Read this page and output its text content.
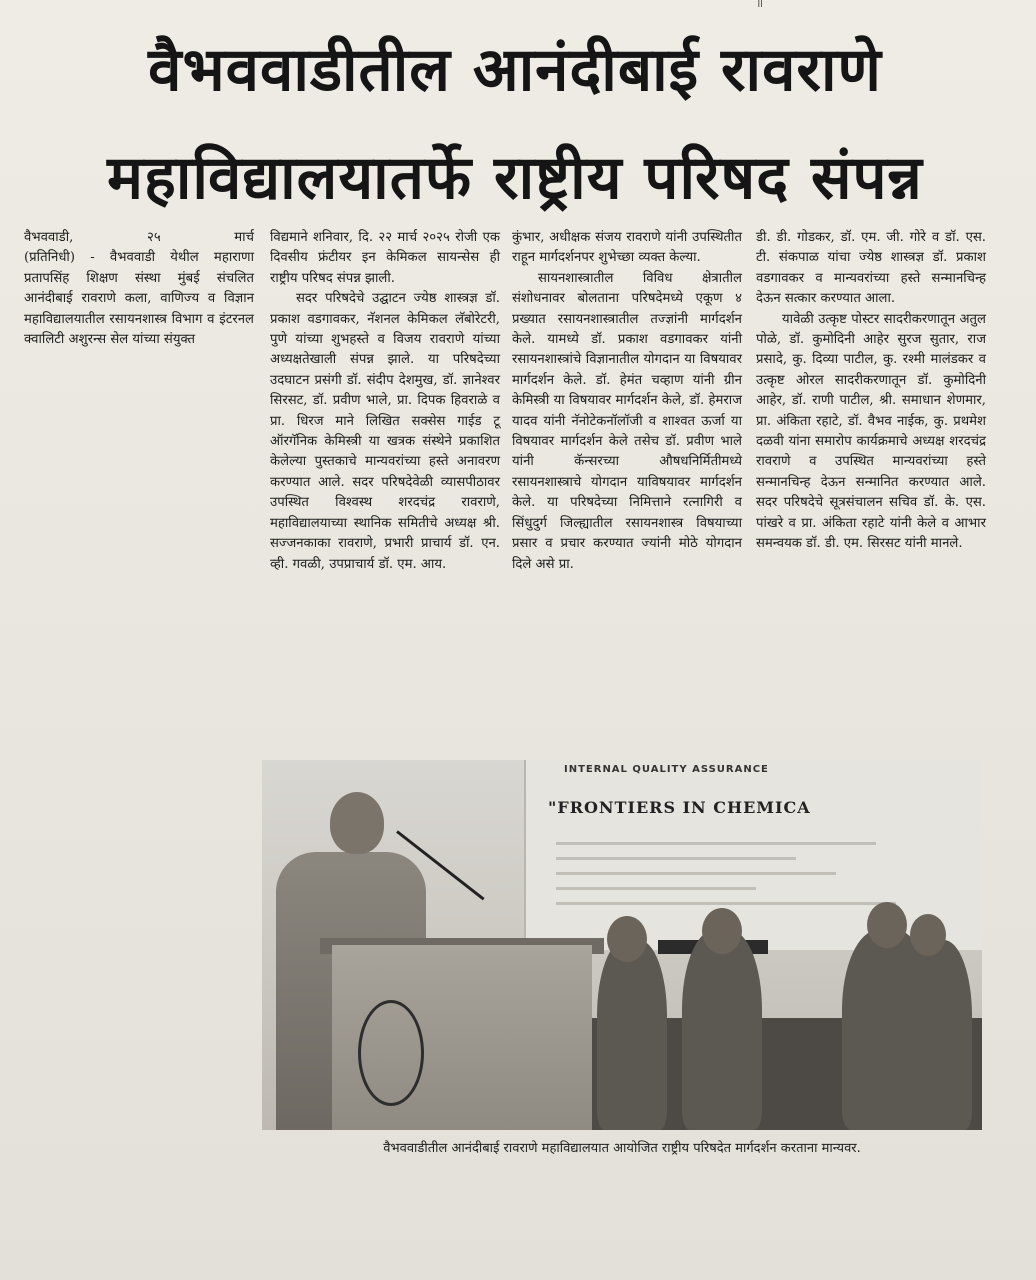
॥
वैभववाडीतील आनंदीबाई रावराणे
महाविद्यालयातर्फे राष्ट्रीय परिषद संपन्न
वैभववाडी,	२५	मार्च

(प्रतिनिधी) - वैभववाडी येथील महाराणा प्रतापसिंह शिक्षण संस्था मुंबई संचलित आनंदीबाई रावराणे कला, वाणिज्य व विज्ञान महाविद्यालयातील रसायनशास्त्र विभाग व इंटरनल क्वालिटी अशुरन्स सेल यांच्या संयुक्त

विद्यमाने शनिवार, दि. २२ मार्च २०२५ रोजी एक दिवसीय फ्रंटीयर इन केमिकल सायन्सेस ही राष्ट्रीय परिषद संपन्न झाली.

सदर परिषदेचे उद्घाटन ज्येष्ठ शास्त्रज्ञ डॉ. प्रकाश वडगावकर, नॅशनल केमिकल लॅबोरेटरी, पुणे यांच्या शुभहस्ते व विजय रावराणे यांच्या अध्यक्षतेखाली संपन्न झाले. या परिषदेच्या उदघाटन प्रसंगी डॉ. संदीप देशमुख, डॉ. ज्ञानेश्वर सिरसट, डॉ. प्रवीण भाले, प्रा. दिपक हिवराळे व प्रा. धिरज माने लिखित सक्सेस गाईड टू ऑरगॅनिक केमिस्त्री या खत्रक संस्थेने प्रकाशित केलेल्या पुस्तकाचे मान्यवरांच्या हस्ते अनावरण करण्यात आले. सदर परिषदेवेळी व्यासपीठावर उपस्थित विश्वस्थ शरदचंद्र रावराणे, महाविद्यालयाच्या स्थानिक समितीचे अध्यक्ष श्री. सज्जनकाका रावराणे, प्रभारी प्राचार्य डॉ. एन. व्ही. गवळी, उपप्राचार्य डॉ. एम. आय.

कुंभार, अधीक्षक संजय रावराणे यांनी उपस्थितीत राहून मार्गदर्शनपर शुभेच्छा व्यक्त केल्या.

सायनशास्त्रातील विविध क्षेत्रातील संशोधनावर बोलताना परिषदेमध्ये एकूण ४ प्रख्यात रसायनशास्त्रातील तज्ज्ञांनी मार्गदर्शन केले. यामध्ये डॉ. प्रकाश वडगावकर यांनी रसायनशास्त्रांचे विज्ञानातील योगदान या विषयावर मार्गदर्शन केले. डॉ. हेमंत चव्हाण यांनी ग्रीन केमिस्त्री या विषयावर मार्गदर्शन केले, डॉ. हेमराज यादव यांनी नॅनोटेकनॉलॉजी व शाश्वत ऊर्जा या विषयावर मार्गदर्शन केले तसेच डॉ. प्रवीण भाले यांनी कॅन्सरच्या औषधनिर्मितीमध्ये रसायनशास्त्राचे योगदान याविषयावर मार्गदर्शन केले. या परिषदेच्या निमित्ताने रत्नागिरी व सिंधुदुर्ग जिल्ह्यातील रसायनशास्त्र विषयाच्या प्रसार व प्रचार करण्यात ज्यांनी मोठे योगदान दिले असे प्रा.

डी. डी. गोडकर, डॉ. एम. जी. गोरे व डॉ. एस. टी. संकपाळ यांचा ज्येष्ठ शास्त्रज्ञ डॉ. प्रकाश वडगावकर व मान्यवरांच्या हस्ते सन्मानचिन्ह देऊन सत्कार करण्यात आला.

यावेळी उत्कृष्ट पोस्टर सादरीकरणातून अतुल पोळे, डॉ. कुमोदिनी आहेर सुरज सुतार, राज प्रसादे, कु. दिव्या पाटील, कु. रश्मी मालंडकर व उत्कृष्ट ओरल सादरीकरणातून डॉ. कुमोदिनी आहेर, डॉ. राणी पाटील, श्री. समाधान शेणमार, प्रा. अंकिता रहाटे, डॉ. वैभव नाईक, कु. प्रथमेश दळवी यांना समारोप कार्यक्रमाचे अध्यक्ष शरदचंद्र रावराणे व उपस्थित मान्यवरांच्या हस्ते सन्मानचिन्ह देऊन सन्मानित करण्यात आले. सदर परिषदेचे सूत्रसंचालन सचिव डॉ. के. एस. पांखरे व प्रा. अंकिता रहाटे यांनी केले व आभार समन्वयक डॉ. डी. एम. सिरसट यांनी मानले.

INTERNAL QUALITY ASSURANCE
"FRONTIERS IN CHEMICA
वैभववाडीतील आनंदीबाई रावराणे महाविद्यालयात आयोजित राष्ट्रीय परिषदेत मार्गदर्शन करताना मान्यवर.
